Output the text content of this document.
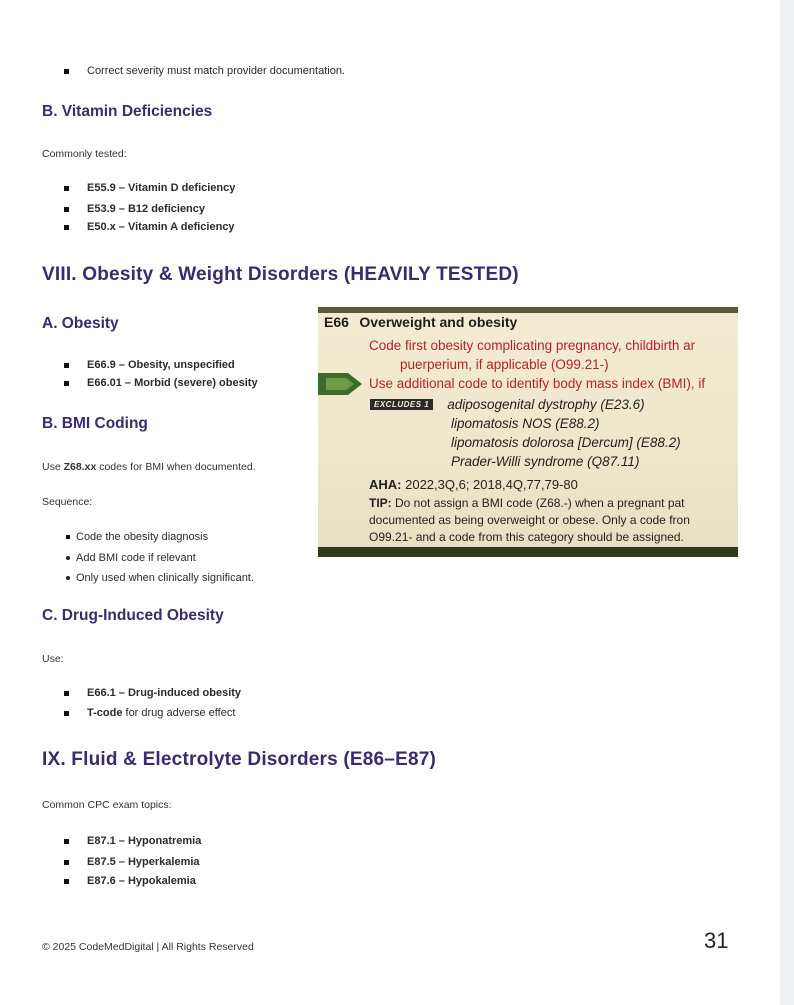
Correct severity must match provider documentation.
B. Vitamin Deficiencies
Commonly tested:
E55.9 – Vitamin D deficiency
E53.9 – B12 deficiency
E50.x – Vitamin A deficiency
VIII. Obesity & Weight Disorders (HEAVILY TESTED)
A. Obesity
E66.9 – Obesity, unspecified
E66.01 – Morbid (severe) obesity
B. BMI Coding
Use Z68.xx codes for BMI when documented.
Sequence:
Code the obesity diagnosis
Add BMI code if relevant
Only used when clinically significant.
C. Drug-Induced Obesity
Use:
E66.1 – Drug-induced obesity
T-code for drug adverse effect
IX. Fluid & Electrolyte Disorders (E86–E87)
Common CPC exam topics:
E87.1 – Hyponatremia
E87.5 – Hyperkalemia
E87.6 – Hypokalemia
© 2025 CodeMedDigital | All Rights Reserved	31
E66 Overweight and obesity
Code first obesity complicating pregnancy, childbirth ar
puerperium, if applicable (O99.21-)
Use additional code to identify body mass index (BMI), if
EXCLUDES 1 adiposogenital dystrophy (E23.6)
lipomatosis NOS (E88.2)
lipomatosis dolorosa [Dercum] (E88.2)
Prader-Willi syndrome (Q87.11)
AHA: 2022,3Q,6; 2018,4Q,77,79-80
TIP: Do not assign a BMI code (Z68.-) when a pregnant pat
documented as being overweight or obese. Only a code fron
O99.21- and a code from this category should be assigned.
